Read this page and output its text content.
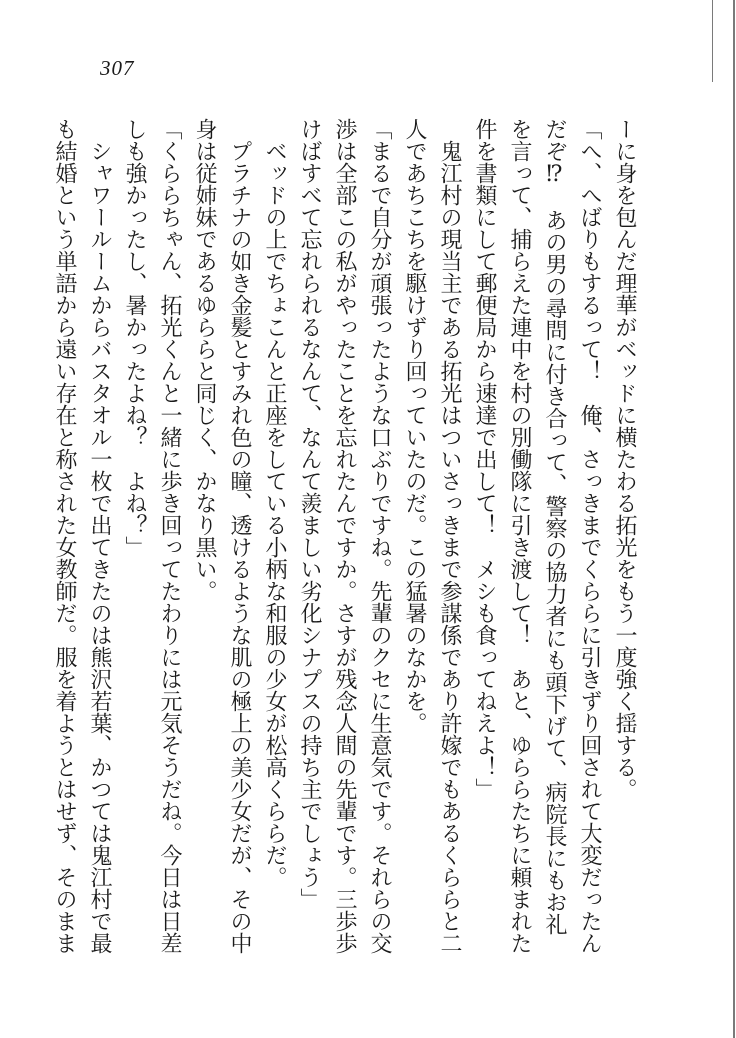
307

ーに身を包んだ理華がベッドに横たわる拓光をもう一度強く揺する。

「へ、へばりもするって！　俺、さっきまでくららに引きずり回されて大変だったんだぞ⁉　あの男の尋問に付き合って、警察の協力者にも頭下げて、病院長にもお礼を言って、捕らえた連中を村の別働隊に引き渡して！　あと、ゆららたちに頼まれた件を書類にして郵便局から速達で出して！　メシも食ってねえよ！」

鬼江村の現当主である拓光はついさっきまで参謀係であり許嫁でもあるくららと二人であちこちを駆けずり回っていたのだ。この猛暑のなかを。

「まるで自分が頑張ったような口ぶりですね。先輩のクセに生意気です。それらの交渉は全部この私がやったことを忘れたんですか。さすが残念人間の先輩です。三歩歩けばすべて忘れられるなんて、なんて羨ましい劣化シナプスの持ち主でしょう」

ベッドの上でちょこんと正座をしている小柄な和服の少女が松高くららだ。

プラチナの如き金髪とすみれ色の瞳、透けるような肌の極上の美少女だが、その中身は従姉妹であるゆららと同じく、かなり黒い。

「くららちゃん、拓光くんと一緒に歩き回ってたわりには元気そうだね。今日は日差しも強かったし、暑かったよね？　よね？」

シャワールームからバスタオル一枚で出てきたのは熊沢若葉、かつては鬼江村で最も結婚という単語から遠い存在と称された女教師だ。服を着ようとはせず、そのまま
